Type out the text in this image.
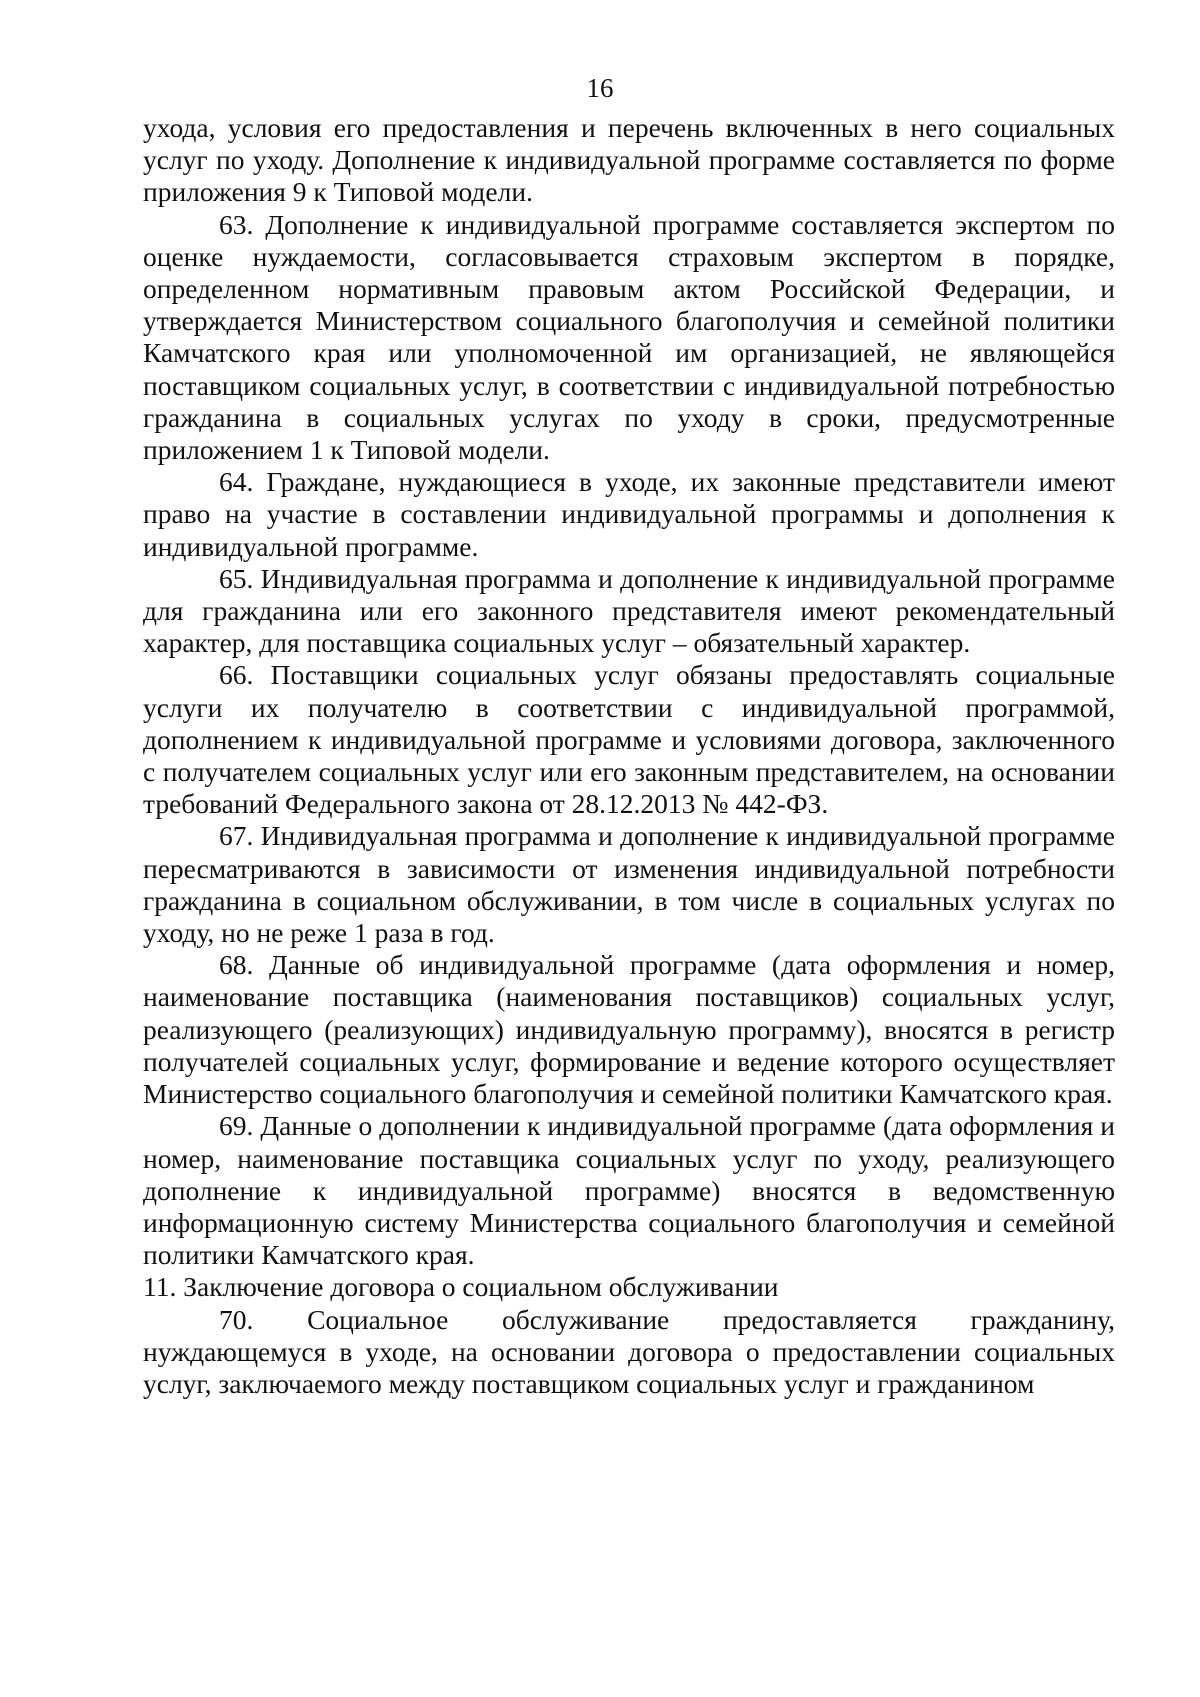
16

ухода, условия его предоставления и перечень включенных в него социальных услуг по уходу. Дополнение к индивидуальной программе составляется по форме приложения 9 к Типовой модели.

63. Дополнение к индивидуальной программе составляется экспертом по оценке нуждаемости, согласовывается страховым экспертом в порядке, определенном нормативным правовым актом Российской Федерации, и утверждается Министерством социального благополучия и семейной политики Камчатского края или уполномоченной им организацией, не являющейся поставщиком социальных услуг, в соответствии с индивидуальной потребностью гражданина в социальных услугах по уходу в сроки, предусмотренные приложением 1 к Типовой модели.

64. Граждане, нуждающиеся в уходе, их законные представители имеют право на участие в составлении индивидуальной программы и дополнения к индивидуальной программе.

65. Индивидуальная программа и дополнение к индивидуальной программе для гражданина или его законного представителя имеют рекомендательный характер, для поставщика социальных услуг – обязательный характер.

66. Поставщики социальных услуг обязаны предоставлять социальные услуги их получателю в соответствии с индивидуальной программой, дополнением к индивидуальной программе и условиями договора, заключенного с получателем социальных услуг или его законным представителем, на основании требований Федерального закона от 28.12.2013 № 442-ФЗ.

67. Индивидуальная программа и дополнение к индивидуальной программе пересматриваются в зависимости от изменения индивидуальной потребности гражданина в социальном обслуживании, в том числе в социальных услугах по уходу, но не реже 1 раза в год.

68. Данные об индивидуальной программе (дата оформления и номер, наименование поставщика (наименования поставщиков) социальных услуг, реализующего (реализующих) индивидуальную программу), вносятся в регистр получателей социальных услуг, формирование и ведение которого осуществляет Министерство социального благополучия и семейной политики Камчатского края.

69. Данные о дополнении к индивидуальной программе (дата оформления и номер, наименование поставщика социальных услуг по уходу, реализующего дополнение к индивидуальной программе) вносятся в ведомственную информационную систему Министерства социального благополучия и семейной политики Камчатского края.

11. Заключение договора о социальном обслуживании

70. Социальное обслуживание предоставляется гражданину, нуждающемуся в уходе, на основании договора о предоставлении социальных услуг, заключаемого между поставщиком социальных услуг и гражданином
